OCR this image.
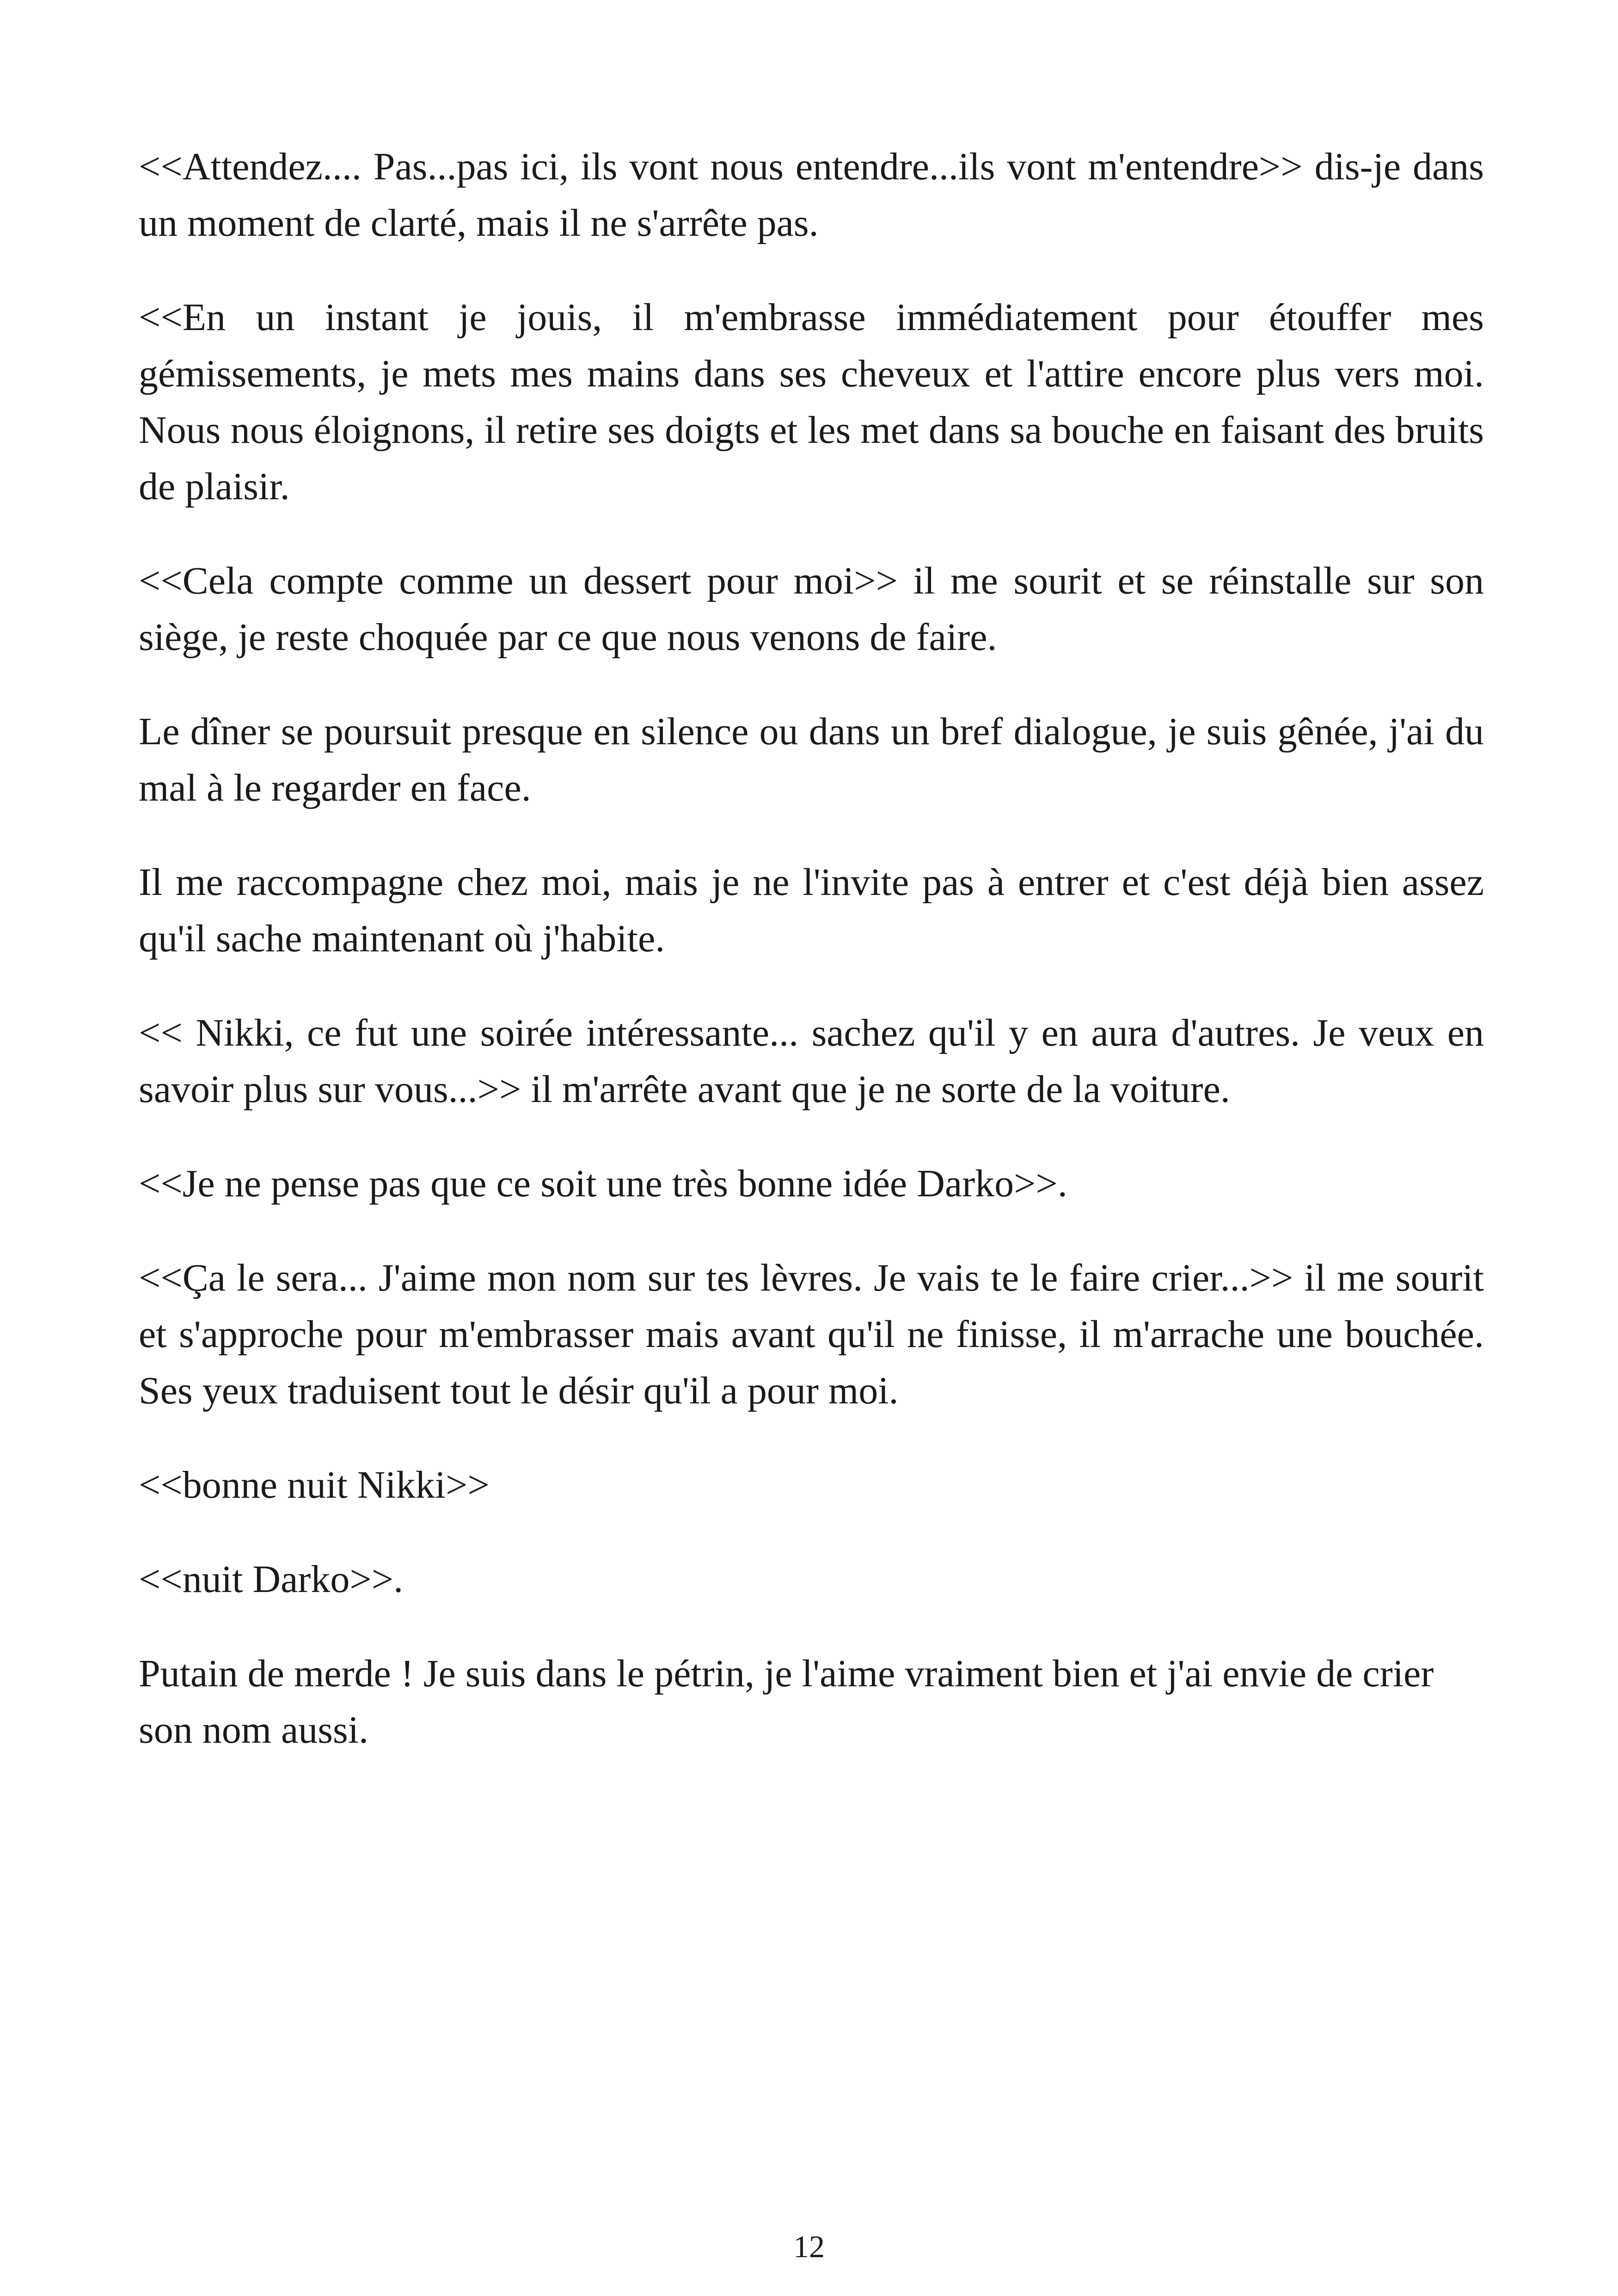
<<Attendez.... Pas...pas ici, ils vont nous entendre...ils vont m'entendre>> dis-je dans un moment de clarté, mais il ne s'arrête pas.

<<En un instant je jouis, il m'embrasse immédiatement pour étouffer mes gémissements, je mets mes mains dans ses cheveux et l'attire encore plus vers moi. Nous nous éloignons, il retire ses doigts et les met dans sa bouche en faisant des bruits de plaisir.

<<Cela compte comme un dessert pour moi>> il me sourit et se réinstalle sur son siège, je reste choquée par ce que nous venons de faire.

Le dîner se poursuit presque en silence ou dans un bref dialogue, je suis gênée, j'ai du mal à le regarder en face.

Il me raccompagne chez moi, mais je ne l'invite pas à entrer et c'est déjà bien assez qu'il sache maintenant où j'habite.

<< Nikki, ce fut une soirée intéressante... sachez qu'il y en aura d'autres. Je veux en savoir plus sur vous...>> il m'arrête avant que je ne sorte de la voiture.

<<Je ne pense pas que ce soit une très bonne idée Darko>>.

<<Ça le sera... J'aime mon nom sur tes lèvres. Je vais te le faire crier...>> il me sourit et s'approche pour m'embrasser mais avant qu'il ne finisse, il m'arrache une bouchée. Ses yeux traduisent tout le désir qu'il a pour moi.

<<bonne nuit Nikki>>

<<nuit Darko>>.

Putain de merde ! Je suis dans le pétrin, je l'aime vraiment bien et j'ai envie de crier son nom aussi.

12
